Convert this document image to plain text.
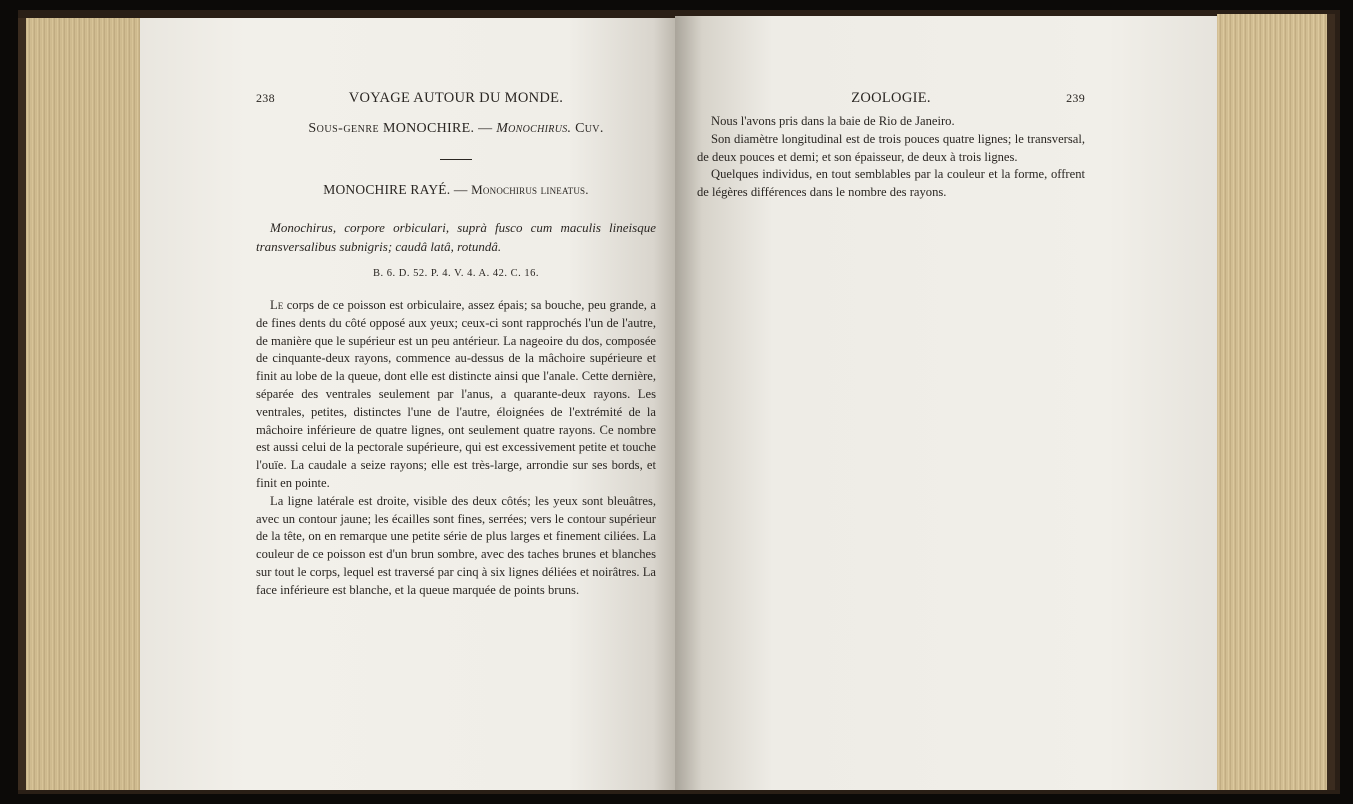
238	VOYAGE AUTOUR DU MONDE.
Sous-genre MONOCHIRE. — Monochirus. Cuv.
MONOCHIRE RAYÉ. — Monochirus lineatus.

Monochirus, corpore orbiculari, suprà fusco cum maculis lineisque transversalibus subnigris; caudâ latâ, rotundâ.

B. 6. D. 52. P. 4. V. 4. A. 42. C. 16.

Le corps de ce poisson est orbiculaire, assez épais; sa bouche, peu grande, a de fines dents du côté opposé aux yeux; ceux-ci sont rapprochés l'un de l'autre, de manière que le supérieur est un peu antérieur. La nageoire du dos, composée de cinquante-deux rayons, commence au-dessus de la mâchoire supérieure et finit au lobe de la queue, dont elle est distincte ainsi que l'anale. Cette dernière, séparée des ventrales seulement par l'anus, a quarante-deux rayons. Les ventrales, petites, distinctes l'une de l'autre, éloignées de l'extrémité de la mâchoire inférieure de quatre lignes, ont seulement quatre rayons. Ce nombre est aussi celui de la pectorale supérieure, qui est excessivement petite et touche l'ouïe. La caudale a seize rayons; elle est très-large, arrondie sur ses bords, et finit en pointe.

La ligne latérale est droite, visible des deux côtés; les yeux sont bleuâtres, avec un contour jaune; les écailles sont fines, serrées; vers le contour supérieur de la tête, on en remarque une petite série de plus larges et finement ciliées. La couleur de ce poisson est d'un brun sombre, avec des taches brunes et blanches sur tout le corps, lequel est traversé par cinq à six lignes déliées et noirâtres. La face inférieure est blanche, et la queue marquée de points bruns.

ZOOLOGIE.	239

Nous l'avons pris dans la baie de Rio de Janeiro.

Son diamètre longitudinal est de trois pouces quatre lignes; le transversal, de deux pouces et demi; et son épaisseur, de deux à trois lignes.

Quelques individus, en tout semblables par la couleur et la forme, offrent de légères différences dans le nombre des rayons.
